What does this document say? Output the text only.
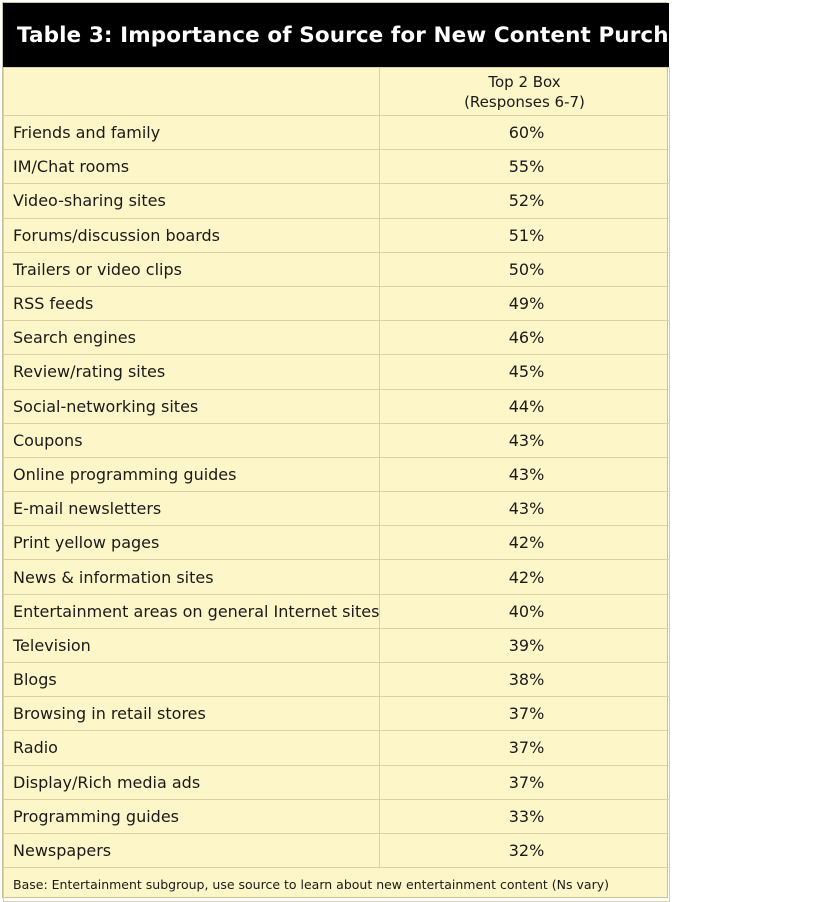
Table 3: Importance of Source for New Content Purchase Decision

	Top 2 Box
(Responses 6-7)

Friends and family	60%
IM/Chat rooms	55%
Video-sharing sites	52%
Forums/discussion boards	51%
Trailers or video clips	50%
RSS feeds	49%
Search engines	46%
Review/rating sites	45%
Social-networking sites	44%
Coupons	43%
Online programming guides	43%
E-mail newsletters	43%
Print yellow pages	42%
News & information sites	42%
Entertainment areas on general Internet sites	40%
Television	39%
Blogs	38%
Browsing in retail stores	37%
Radio	37%
Display/Rich media ads	37%
Programming guides	33%
Newspapers	32%
Base: Entertainment subgroup, use source to learn about new entertainment content (Ns vary)	
